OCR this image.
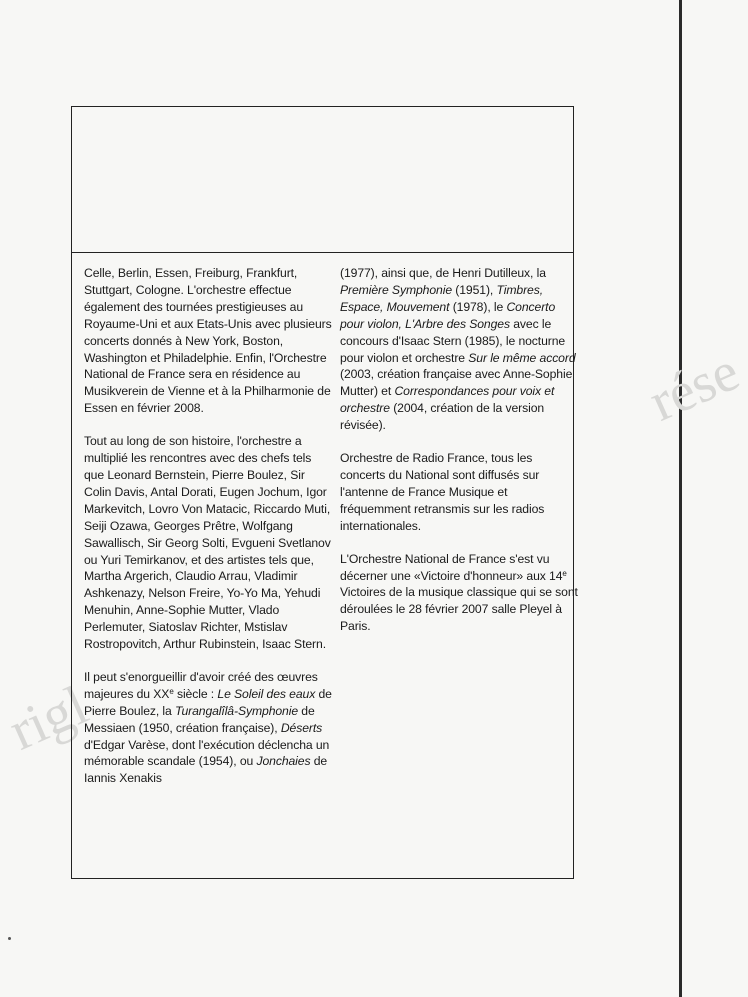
rése
rigl

Celle, Berlin, Essen, Freiburg, Frankfurt, Stuttgart, Cologne. L'orchestre effectue également des tournées prestigieuses au Royaume-Uni et aux Etats-Unis avec plusieurs concerts donnés à New York, Boston, Washington et Philadelphie. Enfin, l'Orchestre National de France sera en résidence au Musikverein de Vienne et à la Philharmonie de Essen en février 2008.

Tout au long de son histoire, l'orchestre a multiplié les rencontres avec des chefs tels que Leonard Bernstein, Pierre Boulez, Sir Colin Davis, Antal Dorati, Eugen Jochum, Igor Markevitch, Lovro Von Matacic, Riccardo Muti, Seiji Ozawa, Georges Prêtre, Wolfgang Sawallisch, Sir Georg Solti, Evgueni Svetlanov ou Yuri Temirkanov, et des artistes tels que, Martha Argerich, Claudio Arrau, Vladimir Ashkenazy, Nelson Freire, Yo-Yo Ma, Yehudi Menuhin, Anne-Sophie Mutter, Vlado Perlemuter, Siatoslav Richter, Mstislav Rostropovitch, Arthur Rubinstein, Isaac Stern.

Il peut s'enorgueillir d'avoir créé des œuvres majeures du XXe siècle : Le Soleil des eaux de Pierre Boulez, la Turangalîlâ-Symphonie de Messiaen (1950, création française), Déserts d'Edgar Varèse, dont l'exécution déclencha un mémorable scandale (1954), ou Jonchaies de Iannis Xenakis

(1977), ainsi que, de Henri Dutilleux, la Première Symphonie (1951), Timbres, Espace, Mouvement (1978), le Concerto pour violon, L'Arbre des Songes avec le concours d'Isaac Stern (1985), le nocturne pour violon et orchestre Sur le même accord (2003, création française avec Anne-Sophie Mutter) et Correspondances pour voix et orchestre (2004, création de la version révisée).

Orchestre de Radio France, tous les concerts du National sont diffusés sur l'antenne de France Musique et fréquemment retransmis sur les radios internationales.

L'Orchestre National de France s'est vu décerner une «Victoire d'honneur» aux 14e Victoires de la musique classique qui se sont déroulées le 28 février 2007 salle Pleyel à Paris.
